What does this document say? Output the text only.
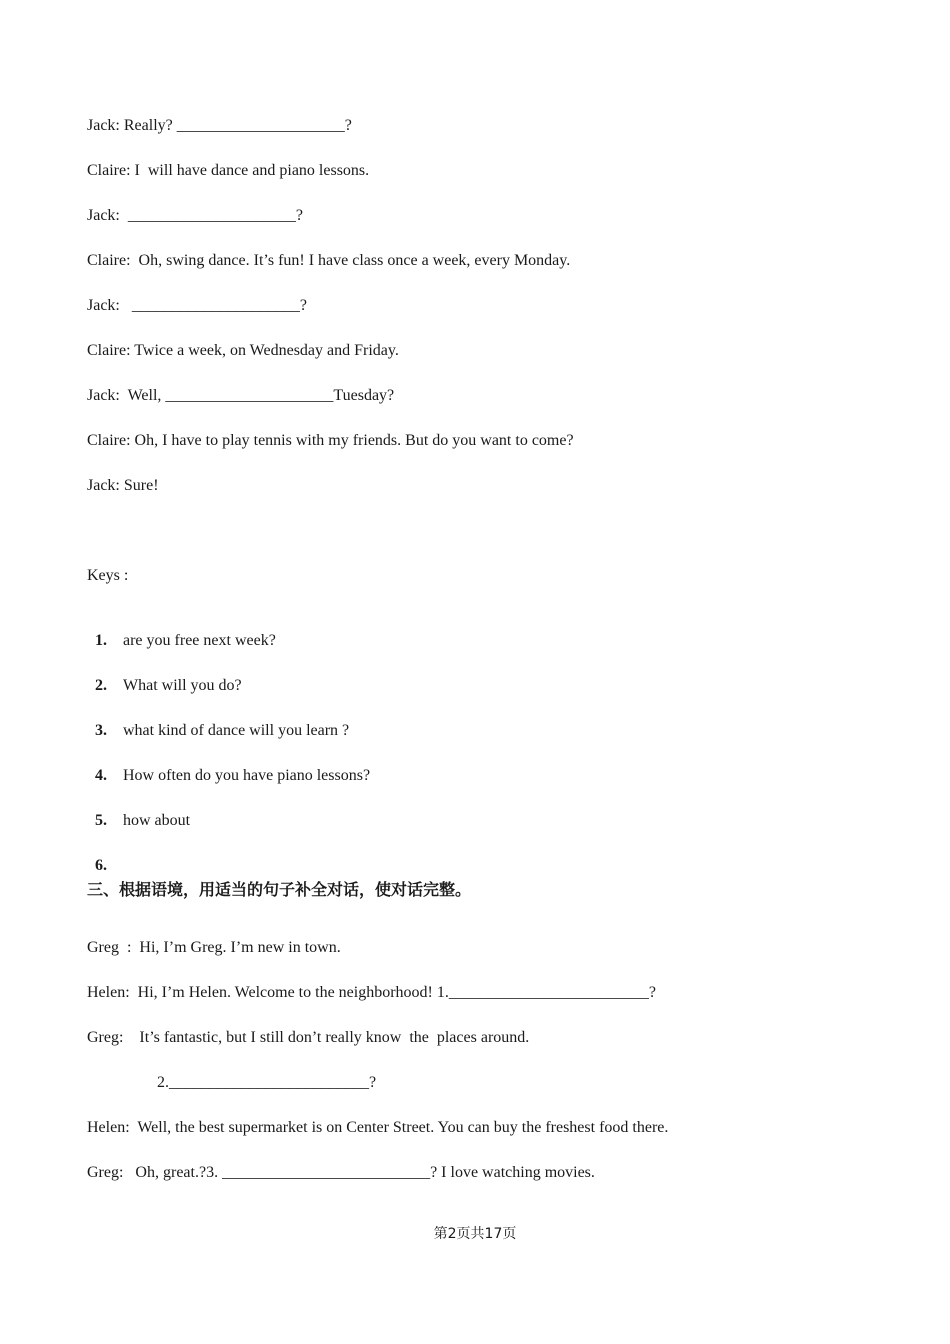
Jack: Really? _____________________?
Claire: I  will have dance and piano lessons.
Jack:  _____________________?
Claire:  Oh, swing dance. It’s fun! I have class once a week, every Monday.
Jack:   _____________________?
Claire: Twice a week, on Wednesday and Friday.
Jack:  Well, _____________________Tuesday?
Claire: Oh, I have to play tennis with my friends. But do you want to come?
Jack: Sure!
Keys :

1. are you free next week?

2. What will you do?

3. what kind of dance will you learn ?

4. How often do you have piano lessons?

5. how about

6.

三、根据语境，用适当的句子补全对话，使对话完整。
Greg  :  Hi, I’m Greg. I’m new in town.
Helen:  Hi, I’m Helen. Welcome to the neighborhood! 1._________________________?
Greg:    It’s fantastic, but I still don’t really know  the  places around.
2._________________________?
Helen:  Well, the best supermarket is on Center Street. You can buy the freshest food there.
Greg:   Oh, great.?3. __________________________? I love watching movies.
第2页共17页
